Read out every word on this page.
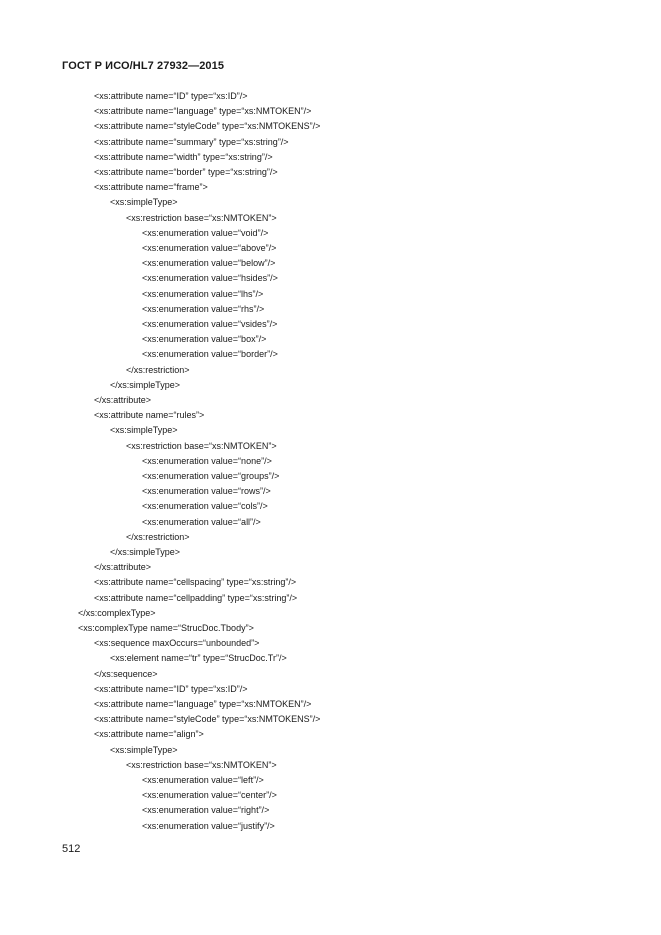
ГОСТ Р ИСО/HL7 27932—2015
<xs:attribute name=“ID” type=“xs:ID”/>
<xs:attribute name=“language” type=“xs:NMTOKEN”/>
<xs:attribute name=“styleCode” type=“xs:NMTOKENS”/>
<xs:attribute name=“summary” type=“xs:string”/>
<xs:attribute name=“width” type=“xs:string”/>
<xs:attribute name=“border” type=“xs:string”/>
<xs:attribute name=“frame”>
<xs:simpleType>
<xs:restriction base=“xs:NMTOKEN”>
<xs:enumeration value=“void”/>
<xs:enumeration value=“above”/>
<xs:enumeration value=“below”/>
<xs:enumeration value=“hsides”/>
<xs:enumeration value=“lhs”/>
<xs:enumeration value=“rhs”/>
<xs:enumeration value=“vsides”/>
<xs:enumeration value=“box”/>
<xs:enumeration value=“border”/>
</xs:restriction>
</xs:simpleType>
</xs:attribute>
<xs:attribute name=“rules”>
<xs:simpleType>
<xs:restriction base=“xs:NMTOKEN”>
<xs:enumeration value=“none”/>
<xs:enumeration value=“groups”/>
<xs:enumeration value=“rows”/>
<xs:enumeration value=“cols”/>
<xs:enumeration value=“all”/>
</xs:restriction>
</xs:simpleType>
</xs:attribute>
<xs:attribute name=“cellspacing” type=“xs:string”/>
<xs:attribute name=“cellpadding” type=“xs:string”/>
</xs:complexType>
<xs:complexType name=“StrucDoc.Tbody”>
<xs:sequence maxOccurs=“unbounded”>
<xs:element name=“tr” type=“StrucDoc.Tr”/>
</xs:sequence>
<xs:attribute name=“ID” type=“xs:ID”/>
<xs:attribute name=“language” type=“xs:NMTOKEN”/>
<xs:attribute name=“styleCode” type=“xs:NMTOKENS”/>
<xs:attribute name=“align”>
<xs:simpleType>
<xs:restriction base=“xs:NMTOKEN”>
<xs:enumeration value=“left”/>
<xs:enumeration value=“center”/>
<xs:enumeration value=“right”/>
<xs:enumeration value=“justify”/>
512
